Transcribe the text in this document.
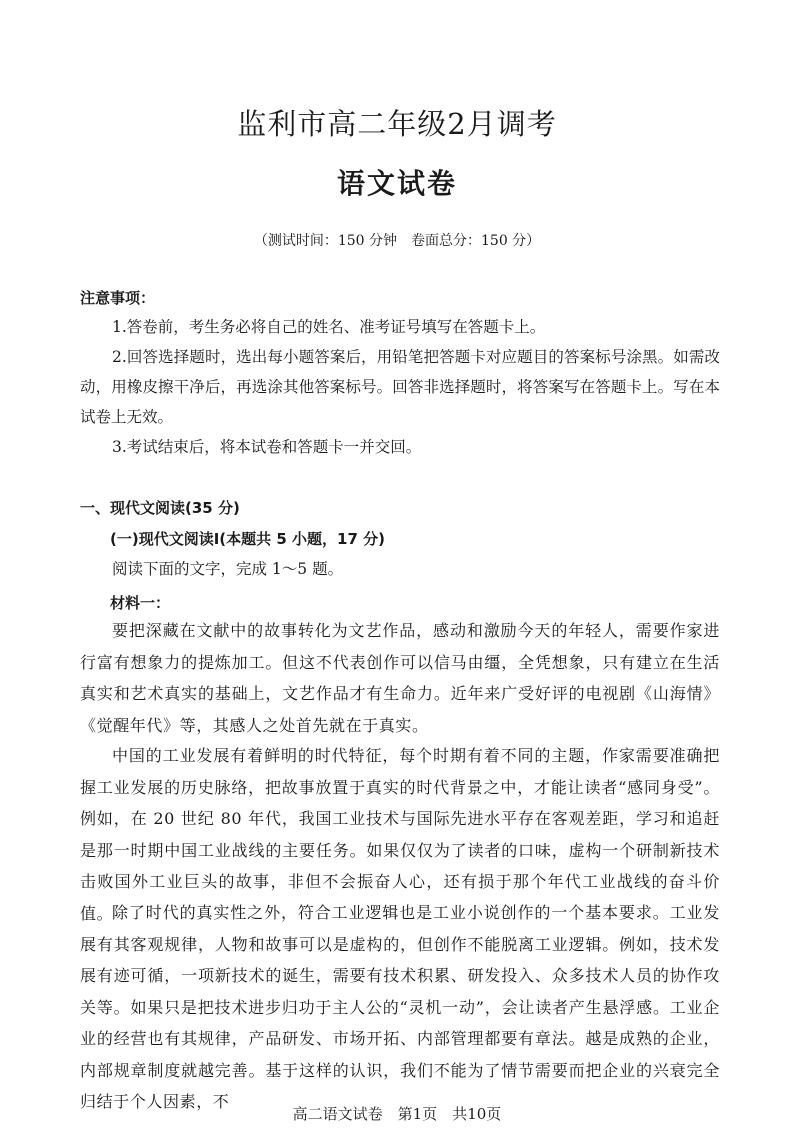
监利市高二年级2月调考
语文试卷
（测试时间：150 分钟　卷面总分：150 分）
注意事项：
1.答卷前，考生务必将自己的姓名、准考证号填写在答题卡上。
2.回答选择题时，选出每小题答案后，用铅笔把答题卡对应题目的答案标号涂黑。如需改动，用橡皮擦干净后，再选涂其他答案标号。回答非选择题时，将答案写在答题卡上。写在本试卷上无效。
3.考试结束后，将本试卷和答题卡一并交回。
一、现代文阅读(35 分)
(一)现代文阅读Ⅰ(本题共 5 小题，17 分)
阅读下面的文字，完成 1～5 题。
材料一：
要把深藏在文献中的故事转化为文艺作品，感动和激励今天的年轻人，需要作家进行富有想象力的提炼加工。但这不代表创作可以信马由缰，全凭想象，只有建立在生活真实和艺术真实的基础上，文艺作品才有生命力。近年来广受好评的电视剧《山海情》《觉醒年代》等，其感人之处首先就在于真实。
中国的工业发展有着鲜明的时代特征，每个时期有着不同的主题，作家需要准确把握工业发展的历史脉络，把故事放置于真实的时代背景之中，才能让读者“感同身受”。例如，在 20 世纪 80 年代，我国工业技术与国际先进水平存在客观差距，学习和追赶是那一时期中国工业战线的主要任务。如果仅仅为了读者的口味，虚构一个研制新技术击败国外工业巨头的故事，非但不会振奋人心，还有损于那个年代工业战线的奋斗价值。
除了时代的真实性之外，符合工业逻辑也是工业小说创作的一个基本要求。工业发展有其客观规律，人物和故事可以是虚构的，但创作不能脱离工业逻辑。例如，技术发展有迹可循，一项新技术的诞生，需要有技术积累、研发投入、众多技术人员的协作攻关等。如果只是把技术进步归功于主人公的“灵机一动”，会让读者产生悬浮感。工业企业的经营也有其规律，产品研发、市场开拓、内部管理都要有章法。越是成熟的企业，内部规章制度就越完善。基于这样的认识，我们不能为了情节需要而把企业的兴衰完全归结于个人因素，不
高二语文试卷　第1页　共10页
